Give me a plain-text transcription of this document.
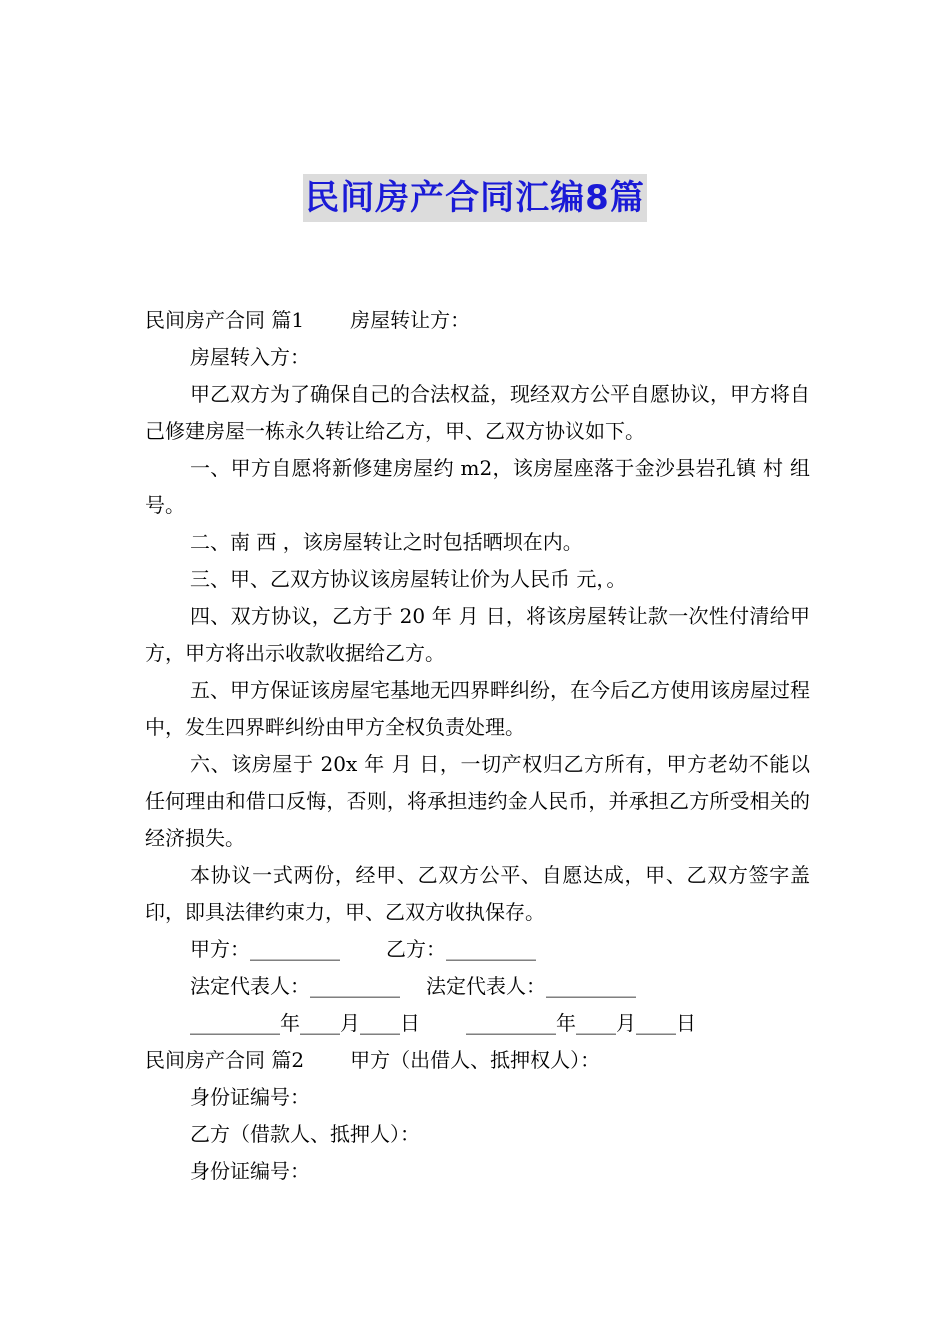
民间房产合同汇编8篇

民间房产合同 篇1 房屋转让方：

房屋转入方：

甲乙双方为了确保自己的合法权益，现经双方公平自愿协议，甲方将自己修建房屋一栋永久转让给乙方，甲、乙双方协议如下。

一、甲方自愿将新修建房屋约 m2，该房屋座落于金沙县岩孔镇 村 组 号。

二、南 西 ，该房屋转让之时包括晒坝在内。

三、甲、乙双方协议该房屋转让价为人民币 元，。

四、双方协议，乙方于 20 年 月 日，将该房屋转让款一次性付清给甲方，甲方将出示收款收据给乙方。

五、甲方保证该房屋宅基地无四界畔纠纷，在今后乙方使用该房屋过程中，发生四界畔纠纷由甲方全权负责处理。

六、该房屋于 20x 年 月 日，一切产权归乙方所有，甲方老幼不能以任何理由和借口反悔，否则，将承担违约金人民币，并承担乙方所受相关的经济损失。

本协议一式两份，经甲、乙双方公平、自愿达成，甲、乙双方签字盖印，即具法律约束力，甲、乙双方收执保存。

甲方：_________ 乙方：_________

法定代表人：_________ 法定代表人：_________

_________年____月____日 _________年____月____日

民间房产合同 篇2 甲方（出借人、抵押权人）：

身份证编号：

乙方（借款人、抵押人）：

身份证编号：
